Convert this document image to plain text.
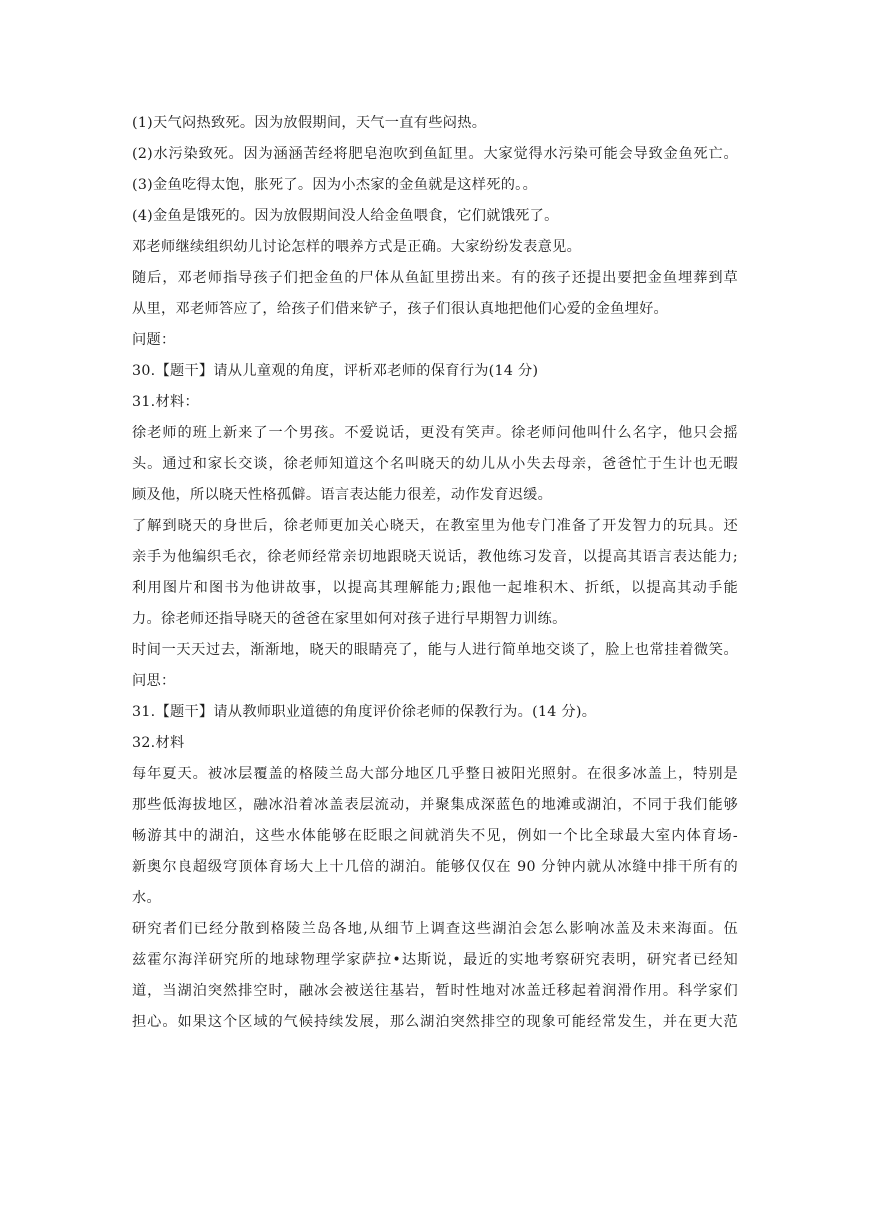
(1)天气闷热致死。因为放假期间，天气一直有些闷热。
(2)水污染致死。因为涵涵苦经将肥皂泡吹到鱼缸里。大家觉得水污染可能会导致金鱼死亡。
(3)金鱼吃得太饱，胀死了。因为小杰家的金鱼就是这样死的。。
(4)金鱼是饿死的。因为放假期间没人给金鱼喂食，它们就饿死了。
邓老师继续组织幼儿讨论怎样的喂养方式是正确。大家纷纷发表意见。
随后，邓老师指导孩子们把金鱼的尸体从鱼缸里捞出来。有的孩子还提出要把金鱼埋葬到草
从里，邓老师答应了，给孩子们借来铲子，孩子们很认真地把他们心爱的金鱼埋好。
问题：
30.【题干】请从儿童观的角度，评析邓老师的保育行为(14 分)
31.材料：
徐老师的班上新来了一个男孩。不爱说话，更没有笑声。徐老师问他叫什么名字，他只会摇
头。通过和家长交谈，徐老师知道这个名叫晓天的幼儿从小失去母亲，爸爸忙于生计也无暇
顾及他，所以晓天性格孤僻。语言表达能力很差，动作发育迟缓。
了解到晓天的身世后，徐老师更加关心晓天，在教室里为他专门准备了开发智力的玩具。还
亲手为他编织毛衣，徐老师经常亲切地跟晓天说话，教他练习发音，以提高其语言表达能力;
利用图片和图书为他讲故事，以提高其理解能力;跟他一起堆积木、折纸，以提高其动手能
力。徐老师还指导晓天的爸爸在家里如何对孩子进行早期智力训练。
时间一天天过去，渐渐地，晓天的眼睛亮了，能与人进行简单地交谈了，脸上也常挂着微笑。
问思：
31.【题干】请从教师职业道德的角度评价徐老师的保教行为。(14 分)。
32.材料
每年夏天。被冰层覆盖的格陵兰岛大部分地区几乎整日被阳光照射。在很多冰盖上，特别是
那些低海拔地区，融冰沿着冰盖表层流动，并聚集成深蓝色的地滩或湖泊，不同于我们能够
畅游其中的湖泊，这些水体能够在眨眼之间就消失不见，例如一个比全球最大室内体育场-
新奥尔良超级穹顶体育场大上十几倍的湖泊。能够仅仅在 90 分钟内就从冰缝中排干所有的
水。
研究者们已经分散到格陵兰岛各地,从细节上调查这些湖泊会怎么影响冰盖及未来海面。伍
兹霍尔海洋研究所的地球物理学家萨拉•达斯说，最近的实地考察研究表明，研究者已经知
道，当湖泊突然排空时，融冰会被送往基岩，暂时性地对冰盖迁移起着润滑作用。科学家们
担心。如果这个区域的气候持续发展，那么湖泊突然排空的现象可能经常发生，并在更大范
